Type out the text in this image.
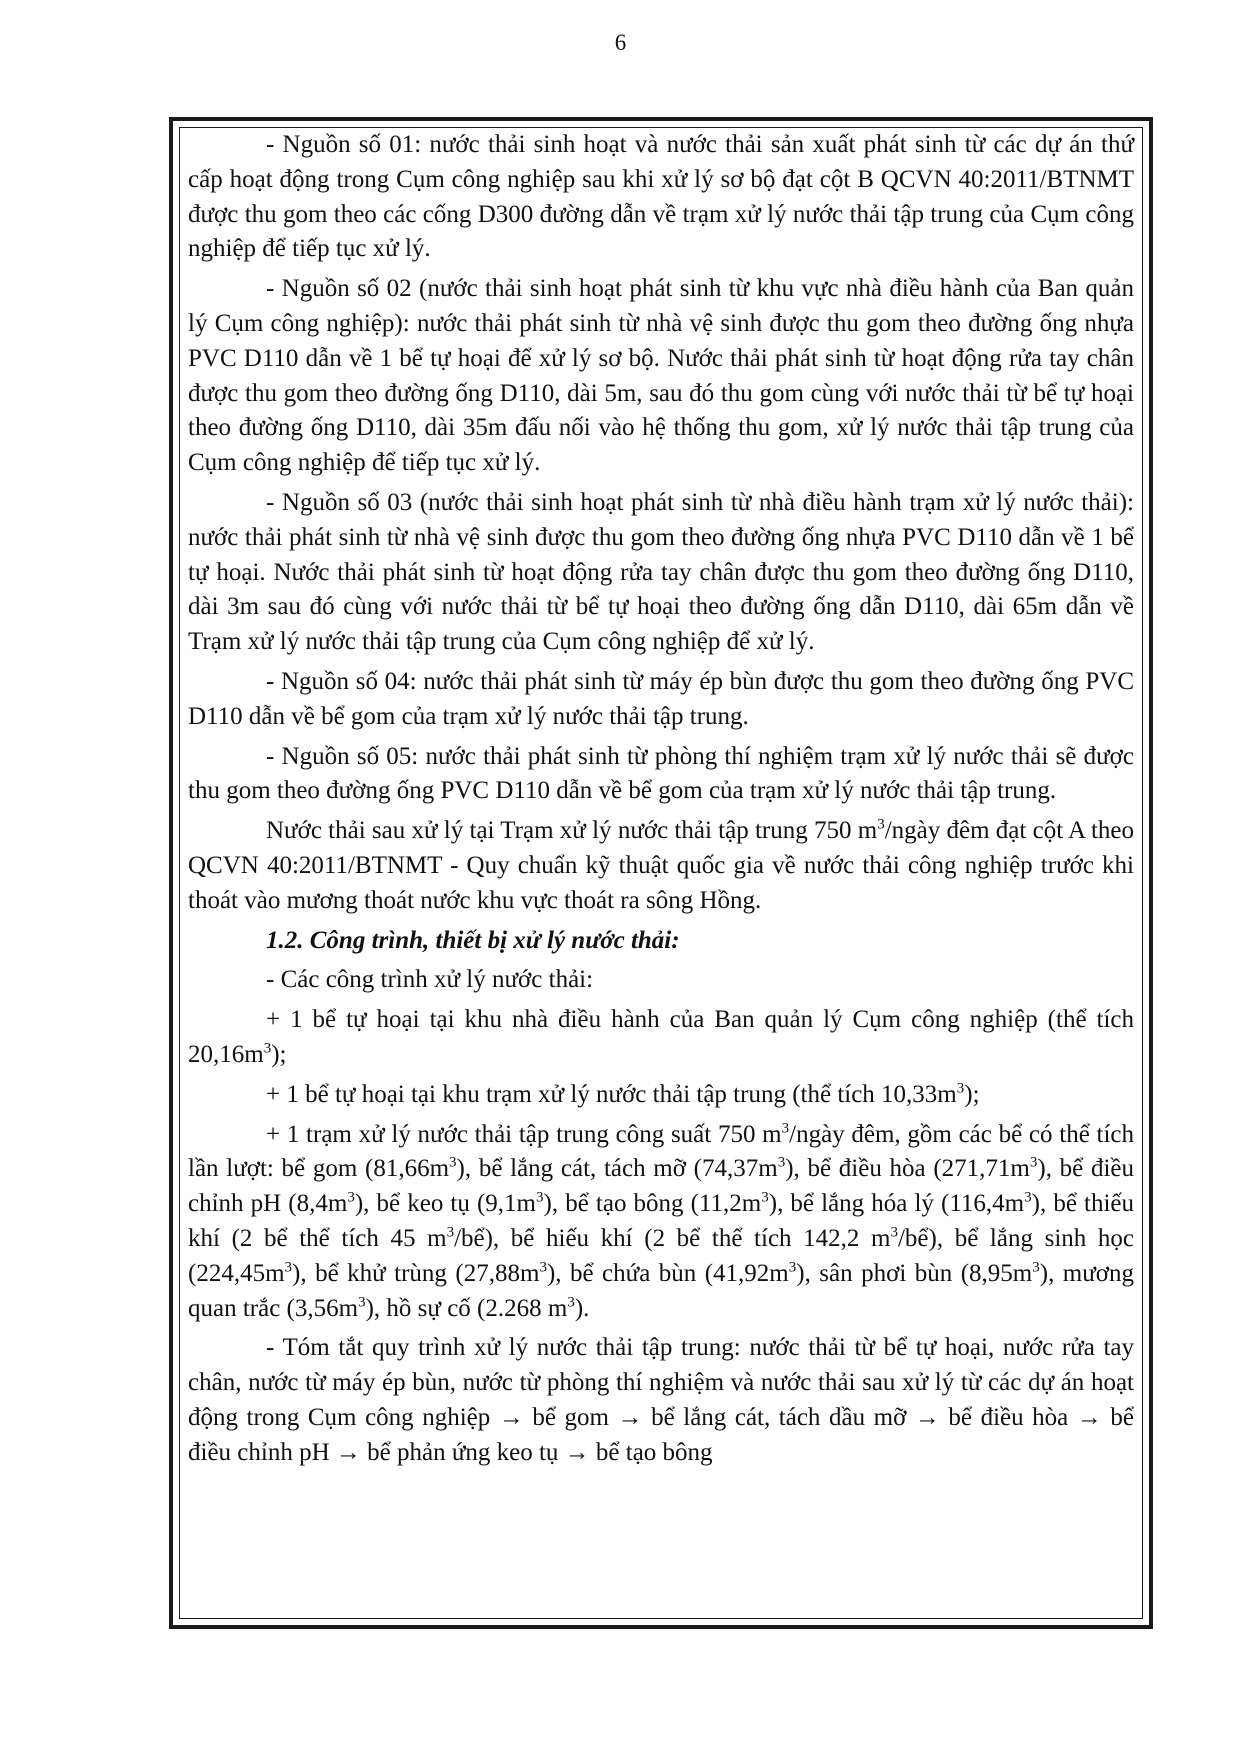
6

- Nguồn số 01: nước thải sinh hoạt và nước thải sản xuất phát sinh từ các dự án thứ cấp hoạt động trong Cụm công nghiệp sau khi xử lý sơ bộ đạt cột B QCVN 40:2011/BTNMT được thu gom theo các cống D300 đường dẫn về trạm xử lý nước thải tập trung của Cụm công nghiệp để tiếp tục xử lý.

- Nguồn số 02 (nước thải sinh hoạt phát sinh từ khu vực nhà điều hành của Ban quản lý Cụm công nghiệp): nước thải phát sinh từ nhà vệ sinh được thu gom theo đường ống nhựa PVC D110 dẫn về 1 bể tự hoại để xử lý sơ bộ. Nước thải phát sinh từ hoạt động rửa tay chân được thu gom theo đường ống D110, dài 5m, sau đó thu gom cùng với nước thải từ bể tự hoại theo đường ống D110, dài 35m đấu nối vào hệ thống thu gom, xử lý nước thải tập trung của Cụm công nghiệp để tiếp tục xử lý.

- Nguồn số 03 (nước thải sinh hoạt phát sinh từ nhà điều hành trạm xử lý nước thải): nước thải phát sinh từ nhà vệ sinh được thu gom theo đường ống nhựa PVC D110 dẫn về 1 bể tự hoại. Nước thải phát sinh từ hoạt động rửa tay chân được thu gom theo đường ống D110, dài 3m sau đó cùng với nước thải từ bể tự hoại theo đường ống dẫn D110, dài 65m dẫn về Trạm xử lý nước thải tập trung của Cụm công nghiệp để xử lý.

- Nguồn số 04: nước thải phát sinh từ máy ép bùn được thu gom theo đường ống PVC D110 dẫn về bể gom của trạm xử lý nước thải tập trung.

- Nguồn số 05: nước thải phát sinh từ phòng thí nghiệm trạm xử lý nước thải sẽ được thu gom theo đường ống PVC D110 dẫn về bể gom của trạm xử lý nước thải tập trung.

Nước thải sau xử lý tại Trạm xử lý nước thải tập trung 750 $m^3$/ngày đêm đạt cột A theo QCVN 40:2011/BTNMT - Quy chuẩn kỹ thuật quốc gia về nước thải công nghiệp trước khi thoát vào mương thoát nước khu vực thoát ra sông Hồng.

1.2. Công trình, thiết bị xử lý nước thải:

- Các công trình xử lý nước thải:

+ 1 bể tự hoại tại khu nhà điều hành của Ban quản lý Cụm công nghiệp (thể tích $20,16m^3$);

+ 1 bể tự hoại tại khu trạm xử lý nước thải tập trung (thể tích $10,33m^3$);

+ 1 trạm xử lý nước thải tập trung công suất 750 $m^3$/ngày đêm, gồm các bể có thể tích lần lượt: bể gom $(81,66m^3)$, bể lắng cát, tách mỡ $(74,37m^3)$, bể điều hòa $(271,71m^3)$, bể điều chỉnh pH $(8,4m^3)$, bể keo tụ $(9,1m^3)$, bể tạo bông $(11,2m^3)$, bể lắng hóa lý $(116,4m^3)$, bể thiếu khí (2 bể thể tích 45 $m^3/bể$), bể hiếu khí (2 bể thể tích 142,2 $m^3/bể$), bể lắng sinh học $(224,45m^3)$, bể khử trùng $(27,88m^3)$, bể chứa bùn $(41,92m^3)$, sân phơi bùn $(8,95m^3)$, mương quan trắc $(3,56m^3)$, hồ sự cố (2.268 $m^3$).

- Tóm tắt quy trình xử lý nước thải tập trung: nước thải từ bể tự hoại, nước rửa tay chân, nước từ máy ép bùn, nước từ phòng thí nghiệm và nước thải sau xử lý từ các dự án hoạt động trong Cụm công nghiệp → bể gom → bể lắng cát, tách dầu mỡ → bể điều hòa → bể điều chỉnh pH → bể phản ứng keo tụ → bể tạo bông
